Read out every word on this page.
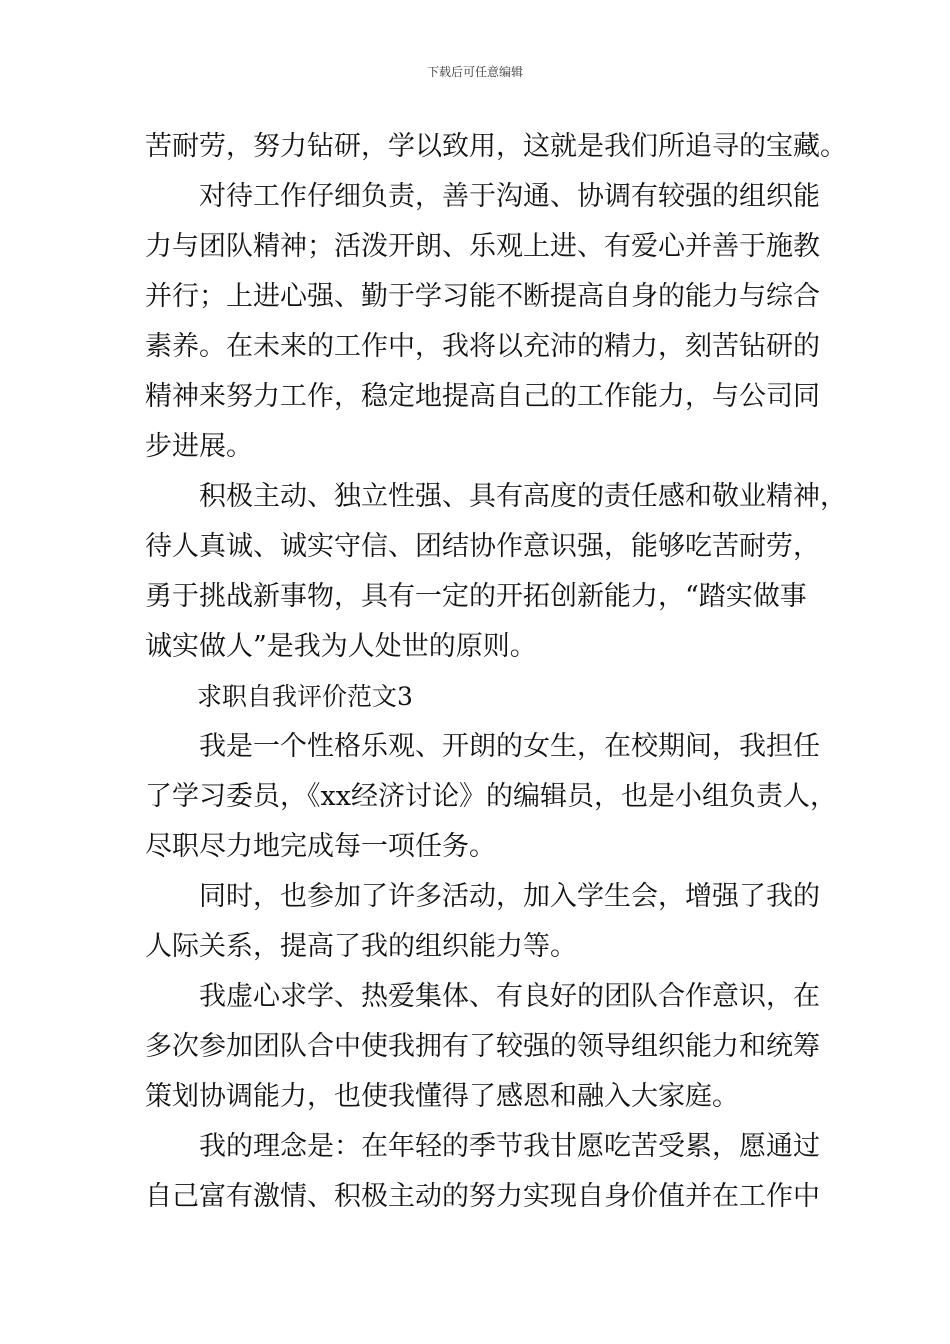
下载后可任意编辑
苦耐劳，努力钻研，学以致用，这就是我们所追寻的宝藏。
对待工作仔细负责，善于沟通、协调有较强的组织能
力与团队精神；活泼开朗、乐观上进、有爱心并善于施教
并行；上进心强、勤于学习能不断提高自身的能力与综合
素养。在未来的工作中，我将以充沛的精力，刻苦钻研的
精神来努力工作，稳定地提高自己的工作能力，与公司同
步进展。
积极主动、独立性强、具有高度的责任感和敬业精神，
待人真诚、诚实守信、团结协作意识强，能够吃苦耐劳，
勇于挑战新事物，具有一定的开拓创新能力，“踏实做事
诚实做人”是我为人处世的原则。
求职自我评价范文3
我是一个性格乐观、开朗的女生，在校期间，我担任
了学习委员，《xx经济讨论》的编辑员，也是小组负责人，
尽职尽力地完成每一项任务。
同时，也参加了许多活动，加入学生会，增强了我的
人际关系，提高了我的组织能力等。
我虚心求学、热爱集体、有良好的团队合作意识，在
多次参加团队合中使我拥有了较强的领导组织能力和统筹
策划协调能力，也使我懂得了感恩和融入大家庭。
我的理念是：在年轻的季节我甘愿吃苦受累，愿通过
自己富有激情、积极主动的努力实现自身价值并在工作中
